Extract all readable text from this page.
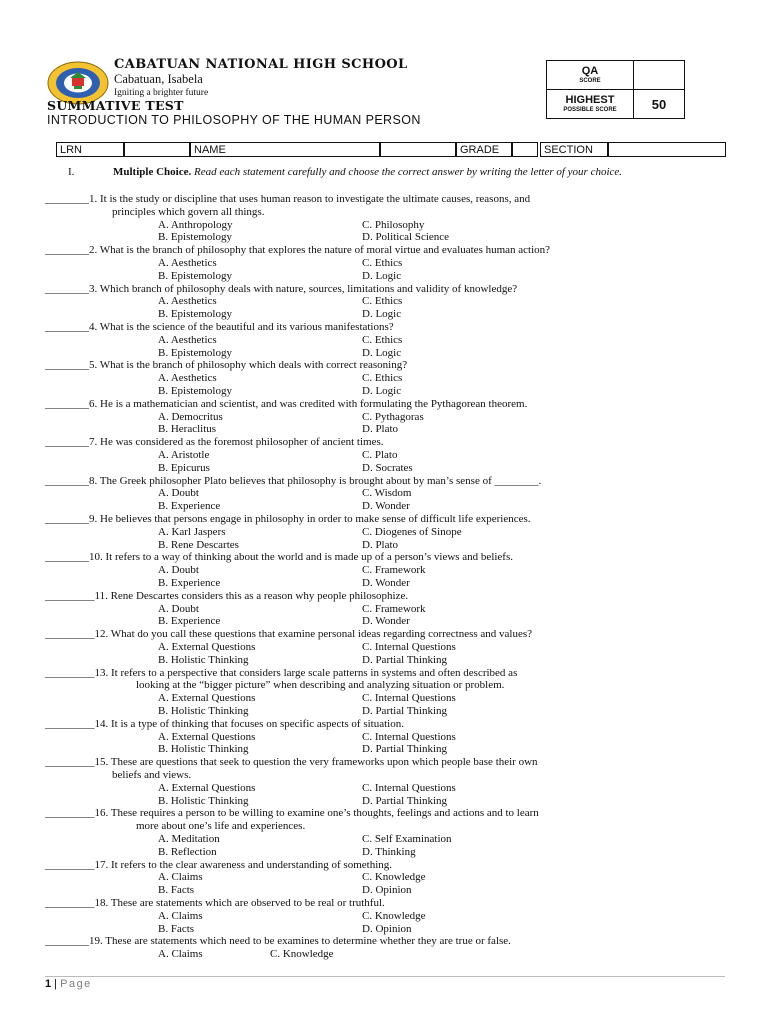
CABATUAN NATIONAL HIGH SCHOOL
Cabatuan, Isabela
Igniting a brighter future
SUMMATIVE TEST
INTRODUCTION TO PHILOSOPHY OF THE HUMAN PERSON
QA
SCORE	

HIGHEST
POSSIBLE SCORE	50
LRN	NAME	GRADE	SECTION
I.	Multiple Choice. Read each statement carefully and choose the correct answer by writing the letter of your choice.
________1. It is the study or discipline that uses human reason to investigate the ultimate causes, reasons, and
principles which govern all things.
A. Anthropology	C. Philosophy
B. Epistemology	D. Political Science
________2. What is the branch of philosophy that explores the nature of moral virtue and evaluates human action?
A. Aesthetics	C. Ethics
B. Epistemology	D. Logic
________3. Which branch of philosophy deals with nature, sources, limitations and validity of knowledge?
A. Aesthetics	C. Ethics
B. Epistemology	D. Logic
________4. What is the science of the beautiful and its various manifestations?
A. Aesthetics	C. Ethics
B. Epistemology	D. Logic
________5. What is the branch of philosophy which deals with correct reasoning?
A. Aesthetics	C. Ethics
B. Epistemology	D. Logic
________6. He is a mathematician and scientist, and was credited with formulating the Pythagorean theorem.
A. Democritus	C. Pythagoras
B. Heraclitus	D. Plato
________7. He was considered as the foremost philosopher of ancient times.
A. Aristotle	C. Plato
B. Epicurus	D. Socrates
________8. The Greek philosopher Plato believes that philosophy is brought about by man’s sense of ________.
A. Doubt	C. Wisdom
B. Experience	D. Wonder
________9. He believes that persons engage in philosophy in order to make sense of difficult life experiences.
A. Karl Jaspers	C. Diogenes of Sinope
B. Rene Descartes	D. Plato
________10. It refers to a way of thinking about the world and is made up of a person’s views and beliefs.
A. Doubt	C. Framework
B. Experience	D. Wonder
_________11. Rene Descartes considers this as a reason why people philosophize.
A. Doubt	C. Framework
B. Experience	D. Wonder
_________12. What do you call these questions that examine personal ideas regarding correctness and values?
A. External Questions	C. Internal Questions
B. Holistic Thinking	D. Partial Thinking
_________13. It refers to a perspective that considers large scale patterns in systems and often described as
looking at the “bigger picture” when describing and analyzing situation or problem.
A. External Questions	C. Internal Questions
B. Holistic Thinking	D. Partial Thinking
_________14. It is a type of thinking that focuses on specific aspects of situation.
A. External Questions	C. Internal Questions
B. Holistic Thinking	D. Partial Thinking
_________15. These are questions that seek to question the very frameworks upon which people base their own
beliefs and views.
A. External Questions	C. Internal Questions
B. Holistic Thinking	D. Partial Thinking
_________16. These requires a person to be willing to examine one’s thoughts, feelings and actions and to learn
more about one’s life and experiences.
A. Meditation	C. Self Examination
B. Reflection	D. Thinking
_________17. It refers to the clear awareness and understanding of something.
A. Claims	C. Knowledge
B. Facts	D. Opinion
_________18. These are statements which are observed to be real or truthful.
A. Claims	C. Knowledge
B. Facts	D. Opinion
________19. These are statements which need to be examines to determine whether they are true or false.
A. Claims	C. Knowledge
1 | Page
